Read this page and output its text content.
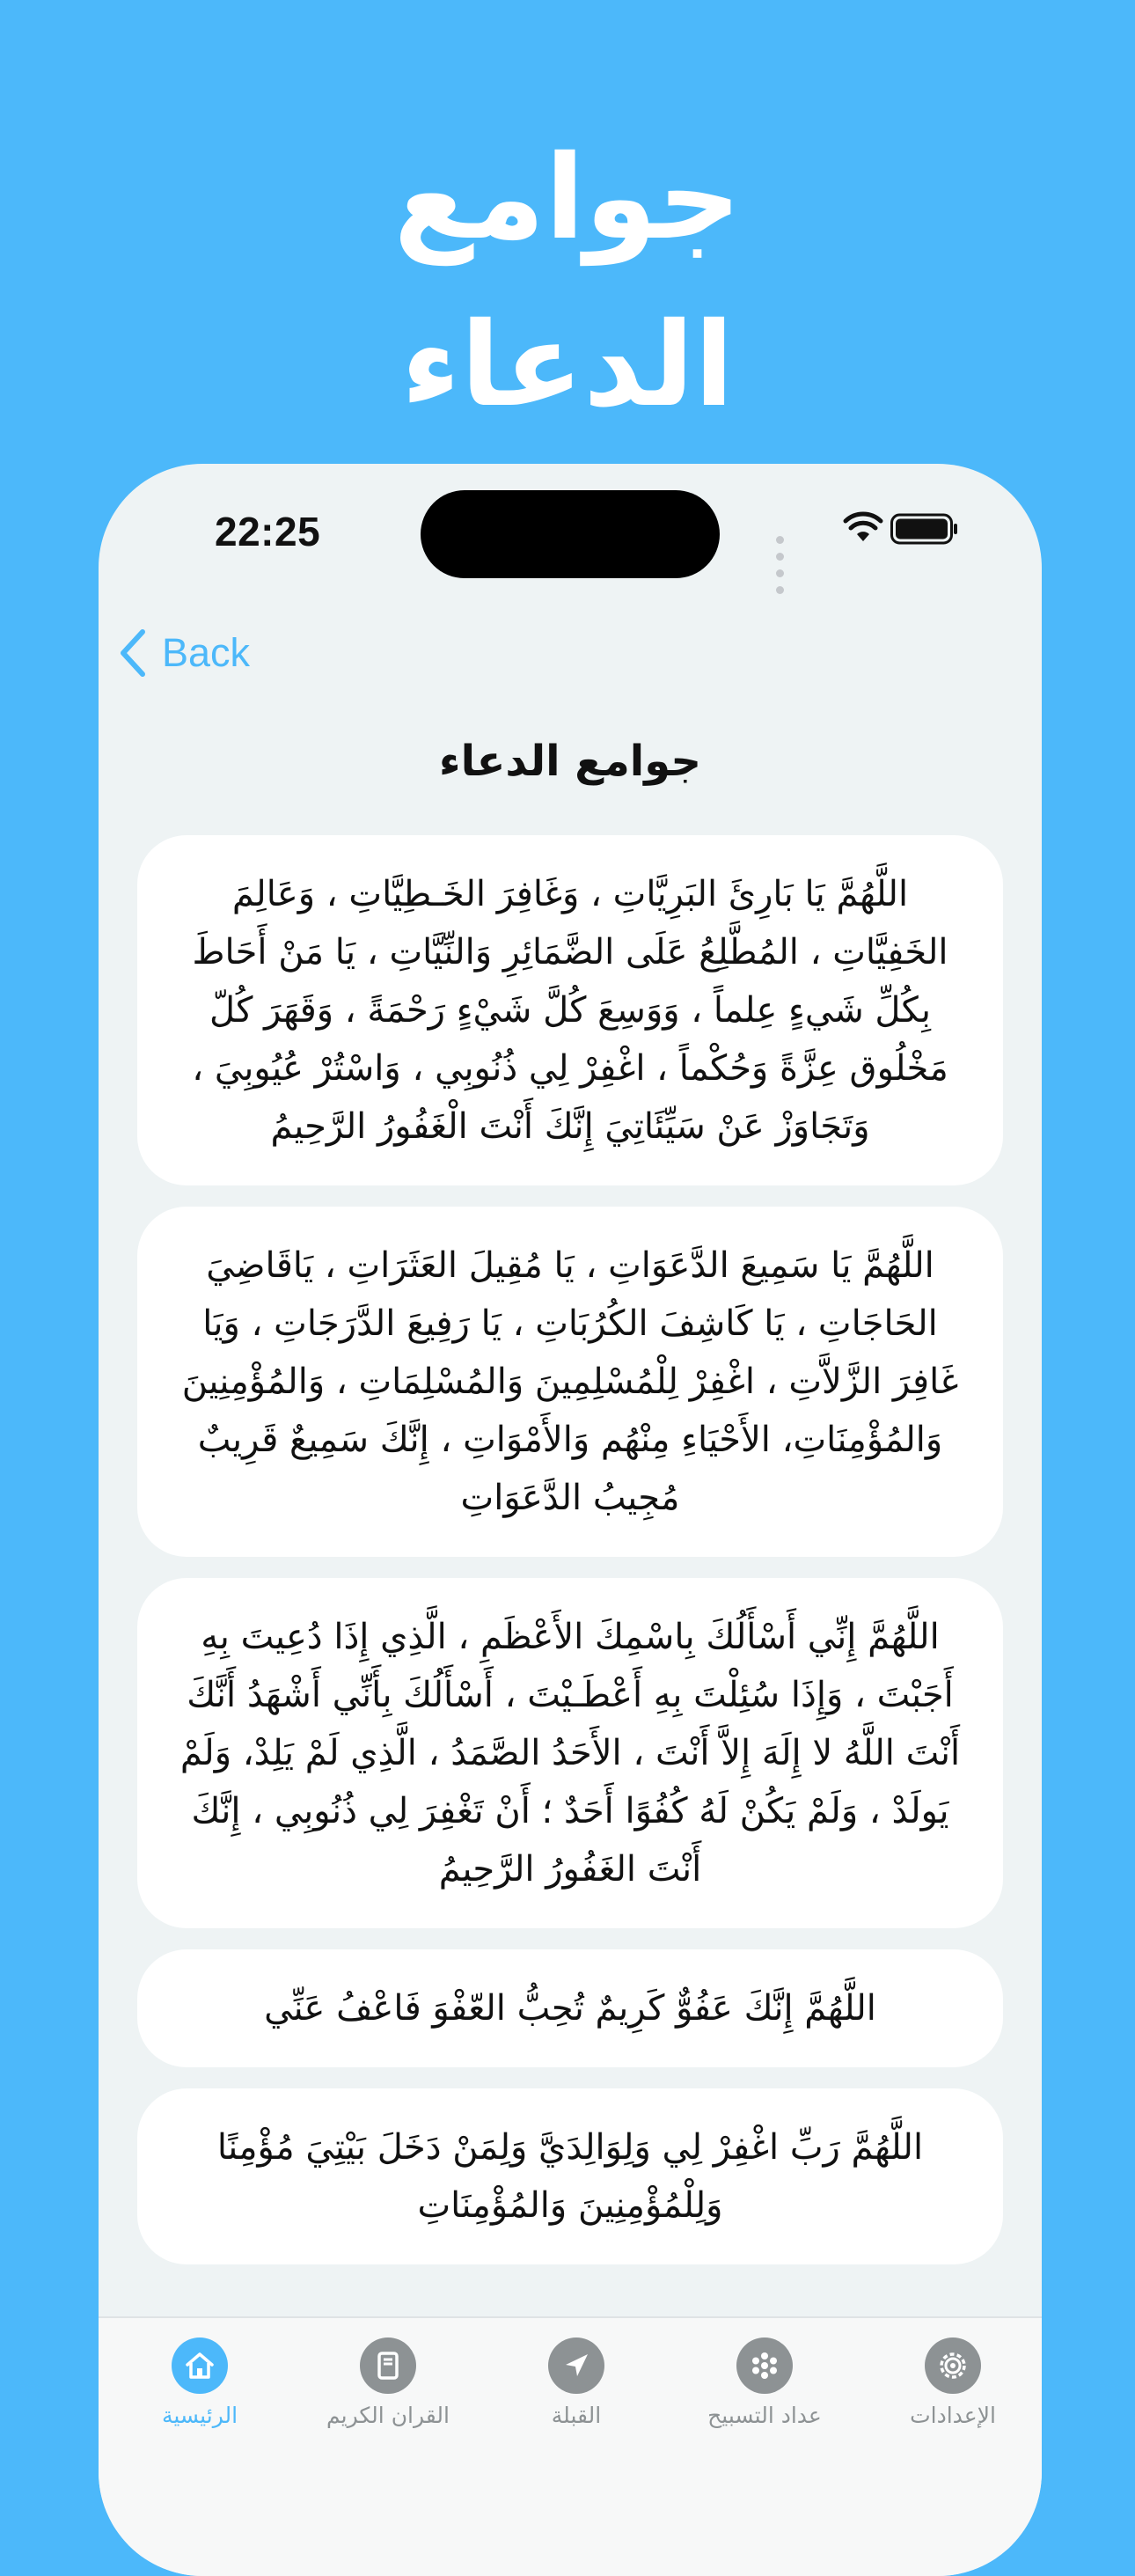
جوامع
الدعاء
22:25
Back
جوامع الدعاء
اللَّهُمَّ يَا بَارِئَ البَرِيَّاتِ ، وَغَافِرَ الخَـطِيَّاتِ ، وَعَالِمَ الخَفِيَّاتِ ، المُطَّلِعُ عَلَى الضَّمَائِرِ وَالنِّيَّاتِ ، يَا مَنْ أَحَاطَ بِكُلِّ شَيءٍ عِلماً ، وَوَسِعَ كُلَّ شَيْءٍ رَحْمَةً ، وَقَهَرَ كُلّ مَخْلُوق عِزَّةً وَحُكْماً ، اغْفِرْ لِي ذُنُوبِي ، وَاسْتُرْ عُيُوبِيَ ، وَتَجَاوَزْ عَنْ سَيِّئَاتِيَ إِنَّكَ أَنْتَ الْغَفُورُ الرَّحِيمُ
اللَّهُمَّ يَا سَمِيعَ الدَّعَوَاتِ ، يَا مُقِيلَ العَثَرَاتِ ، يَاقَاضِيَ الحَاجَاتِ ، يَا كَاشِفَ الكُرُبَاتِ ، يَا رَفِيعَ الدَّرَجَاتِ ، وَيَا غَافِرَ الزَّلاَّتِ ، اغْفِرْ لِلْمُسْلِمِينَ وَالمُسْلِمَاتِ ، وَالمُؤْمِنِينَ وَالمُؤْمِنَاتِ، الأَحْيَاءِ مِنْهُم وَالأَمْوَاتِ ، إِنَّكَ سَمِيعٌ قَرِيبٌ مُجِيبُ الدَّعَوَاتِ
اللَّهُمَّ إِنِّي أَسْأَلُكَ بِاسْمِكَ الأَعْظَمِ ، الَّذِي إِذَا دُعِيتَ بِهِ أَجَبْتَ ، وَإِذَا سُئِلْتَ بِهِ أَعْطَـيْتَ ، أَسْأَلُكَ بِأَنِّي أَشْهَدُ أَنَّكَ أَنْتَ اللَّهُ لا إِلَهَ إِلاَّ أَنْتَ ، الأَحَدُ الصَّمَدُ ، الَّذِي لَمْ يَلِدْ، وَلَمْ يَولَدْ ، وَلَمْ يَكُنْ لَهُ كُفُوًا أَحَدٌ ؛ أَنْ تَغْفِرَ لِي ذُنُوبِي ، إِنَّكَ أَنْتَ الغَفُورُ الرَّحِيمُ
اللَّهُمَّ إِنَّكَ عَفُوٌّ كَرِيمٌ تُحِبُّ العّفْوَ فَاعْفُ عَنِّي
اللَّهُمَّ رَبِّ اغْفِرْ لِي وَلِوَالِدَيَّ وَلِمَنْ دَخَلَ بَيْتِيَ مُؤْمِنًا وَلِلْمُؤْمِنِينَ وَالمُؤْمِنَاتِ
الرئيسية	القران الكريم	القبلة	عداد التسبيح	الإعدادات
